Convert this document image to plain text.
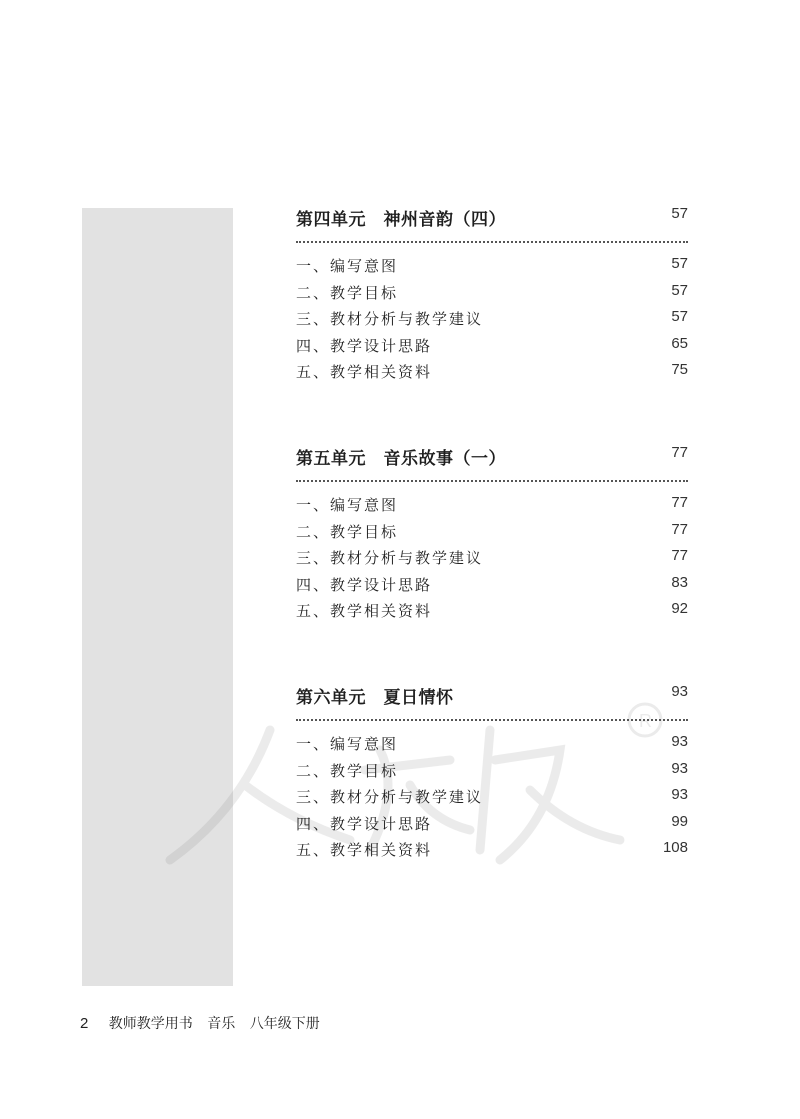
R
第四单元　神州音韵（四）	57
一、编写意图	57
二、教学目标	57
三、教材分析与教学建议	57
四、教学设计思路	65
五、教学相关资料	75
第五单元　音乐故事（一）	77
一、编写意图	77
二、教学目标	77
三、教材分析与教学建议	77
四、教学设计思路	83
五、教学相关资料	92
第六单元　夏日情怀	93
一、编写意图	93
二、教学目标	93
三、教材分析与教学建议	93
四、教学设计思路	99
五、教学相关资料	108
2 教师教学用书 音乐 八年级下册
